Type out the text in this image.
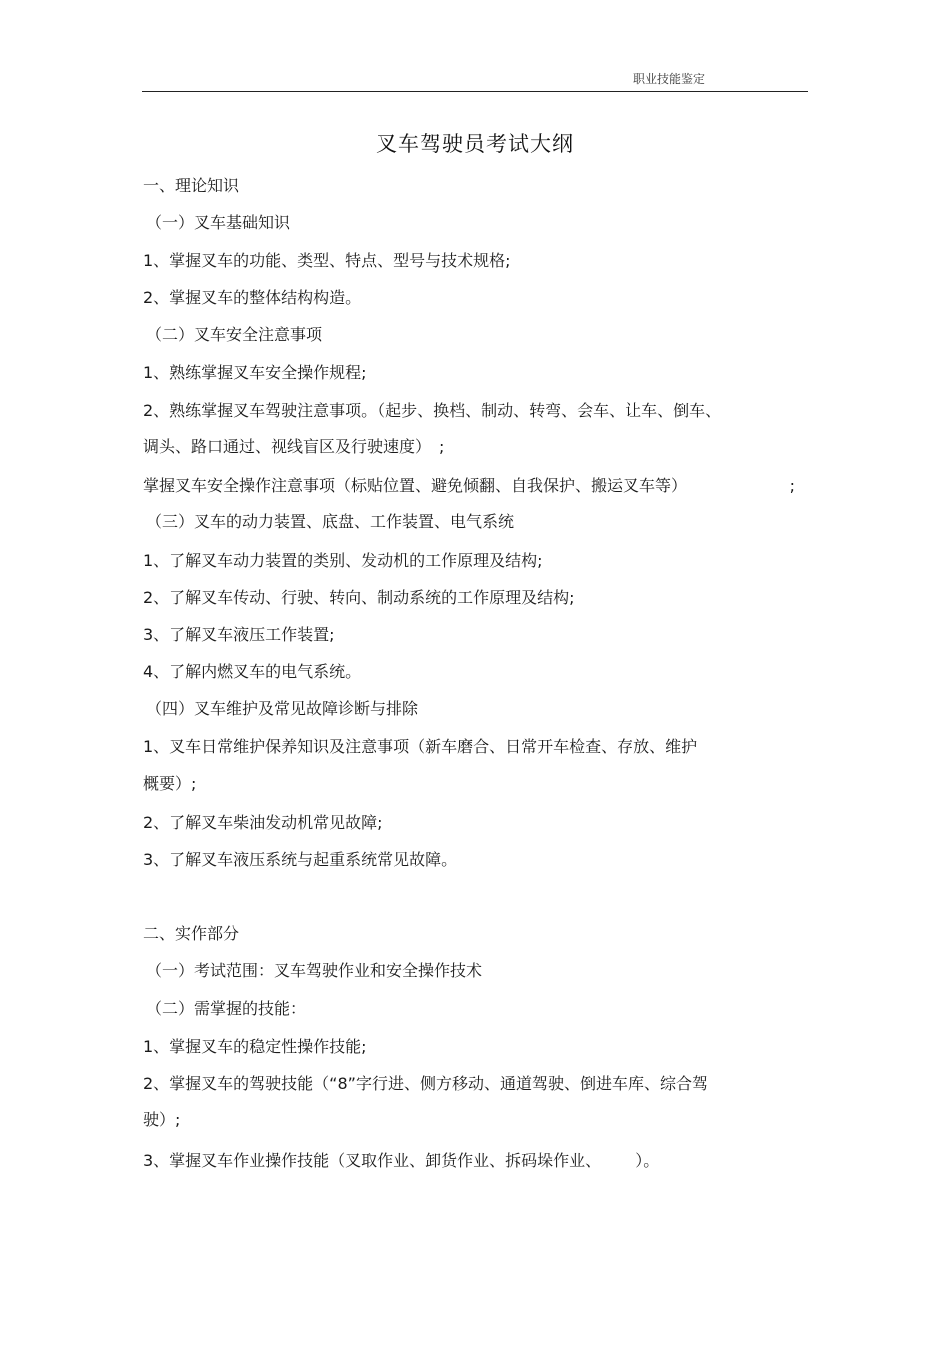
职业技能鉴定
叉车驾驶员考试大纲
一、理论知识
（一）叉车基础知识
1、掌握叉车的功能、类型、特点、型号与技术规格;
2、掌握叉车的整体结构构造。
（二）叉车安全注意事项
1、熟练掌握叉车安全操作规程;
2、熟练掌握叉车驾驶注意事项。（起步、换档、制动、转弯、会车、让车、倒车、
调头、路口通过、视线盲区及行驶速度）　;
掌握叉车安全操作注意事项（标贴位置、避免倾翻、自我保护、搬运叉车等）	;
（三）叉车的动力装置、底盘、工作装置、电气系统
1、了解叉车动力装置的类别、发动机的工作原理及结构;
2、了解叉车传动、行驶、转向、制动系统的工作原理及结构;
3、了解叉车液压工作装置;
4、了解内燃叉车的电气系统。
（四）叉车维护及常见故障诊断与排除
1、叉车日常维护保养知识及注意事项（新车磨合、日常开车检查、存放、维护
概要）;
2、了解叉车柴油发动机常见故障;
3、了解叉车液压系统与起重系统常见故障。
二、实作部分
（一）考试范围：叉车驾驶作业和安全操作技术
（二）需掌握的技能：
1、掌握叉车的稳定性操作技能;
2、掌握叉车的驾驶技能（“8”字行进、侧方移动、通道驾驶、倒进车库、综合驾
驶）;
3、掌握叉车作业操作技能（叉取作业、卸货作业、拆码垛作业、 ）。
